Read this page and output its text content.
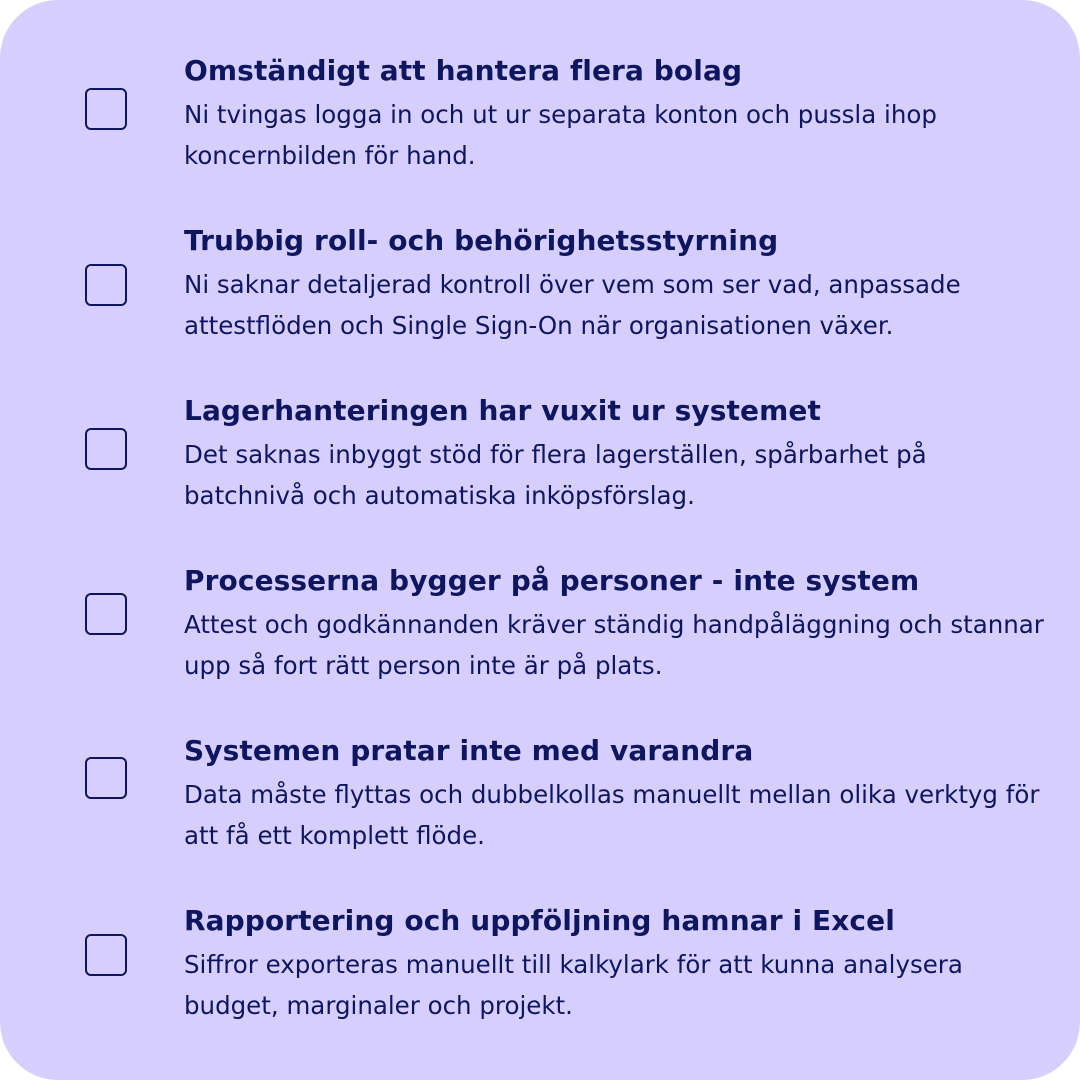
Omständigt att hantera flera bolag
Ni tvingas logga in och ut ur separata konton och pussla ihop koncernbilden för hand.
Trubbig roll- och behörighetsstyrning
Ni saknar detaljerad kontroll över vem som ser vad, anpassade attestflöden och Single Sign-On när organisationen växer.
Lagerhanteringen har vuxit ur systemet
Det saknas inbyggt stöd för flera lagerställen, spårbarhet på batchnivå och automatiska inköpsförslag.
Processerna bygger på personer - inte system
Attest och godkännanden kräver ständig handpåläggning och stannar upp så fort rätt person inte är på plats.
Systemen pratar inte med varandra
Data måste flyttas och dubbelkollas manuellt mellan olika verktyg för att få ett komplett flöde.
Rapportering och uppföljning hamnar i Excel
Siffror exporteras manuellt till kalkylark för att kunna analysera budget, marginaler och projekt.
